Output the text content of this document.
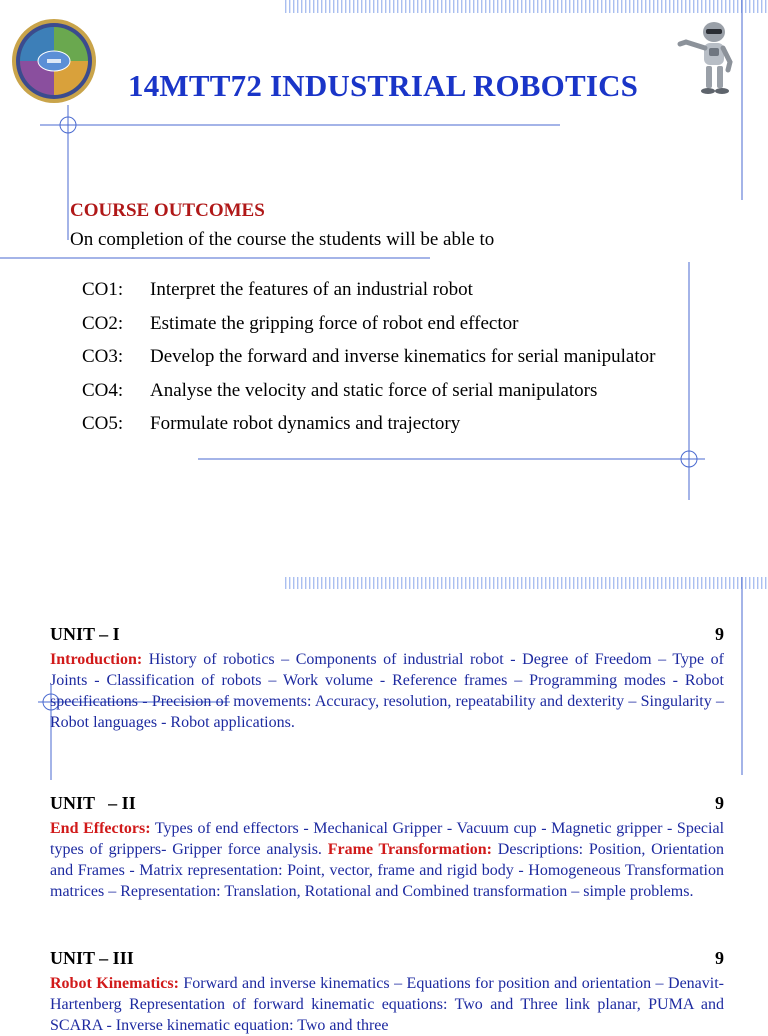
14MTT72 INDUSTRIAL ROBOTICS
COURSE OUTCOMES
On completion of the course the students will be able to
CO1:	Interpret the features of an industrial robot
CO2:	Estimate the gripping force of robot end effector
CO3:	Develop the forward and inverse kinematics for serial manipulator
CO4:	Analyse the velocity and static force of serial manipulators
CO5:	Formulate robot dynamics and trajectory
UNIT – I	9

Introduction: History of robotics – Components of industrial robot - Degree of Freedom – Type of Joints - Classification of robots – Work volume - Reference frames – Programming modes - Robot specifications - Precision of movements: Accuracy, resolution, repeatability and dexterity – Singularity – Robot languages - Robot applications.

UNIT   – II	9

End Effectors: Types of end effectors - Mechanical Gripper - Vacuum cup - Magnetic gripper - Special types of grippers- Gripper force analysis. Frame Transformation: Descriptions: Position, Orientation and Frames - Matrix representation: Point, vector, frame and rigid body - Homogeneous Transformation matrices – Representation: Translation, Rotational and Combined transformation – simple problems.

UNIT – III	9

Robot Kinematics: Forward and inverse kinematics – Equations for position and orientation – Denavit- Hartenberg Representation of forward kinematic equations: Two and Three link planar, PUMA and SCARA - Inverse kinematic equation: Two and three
